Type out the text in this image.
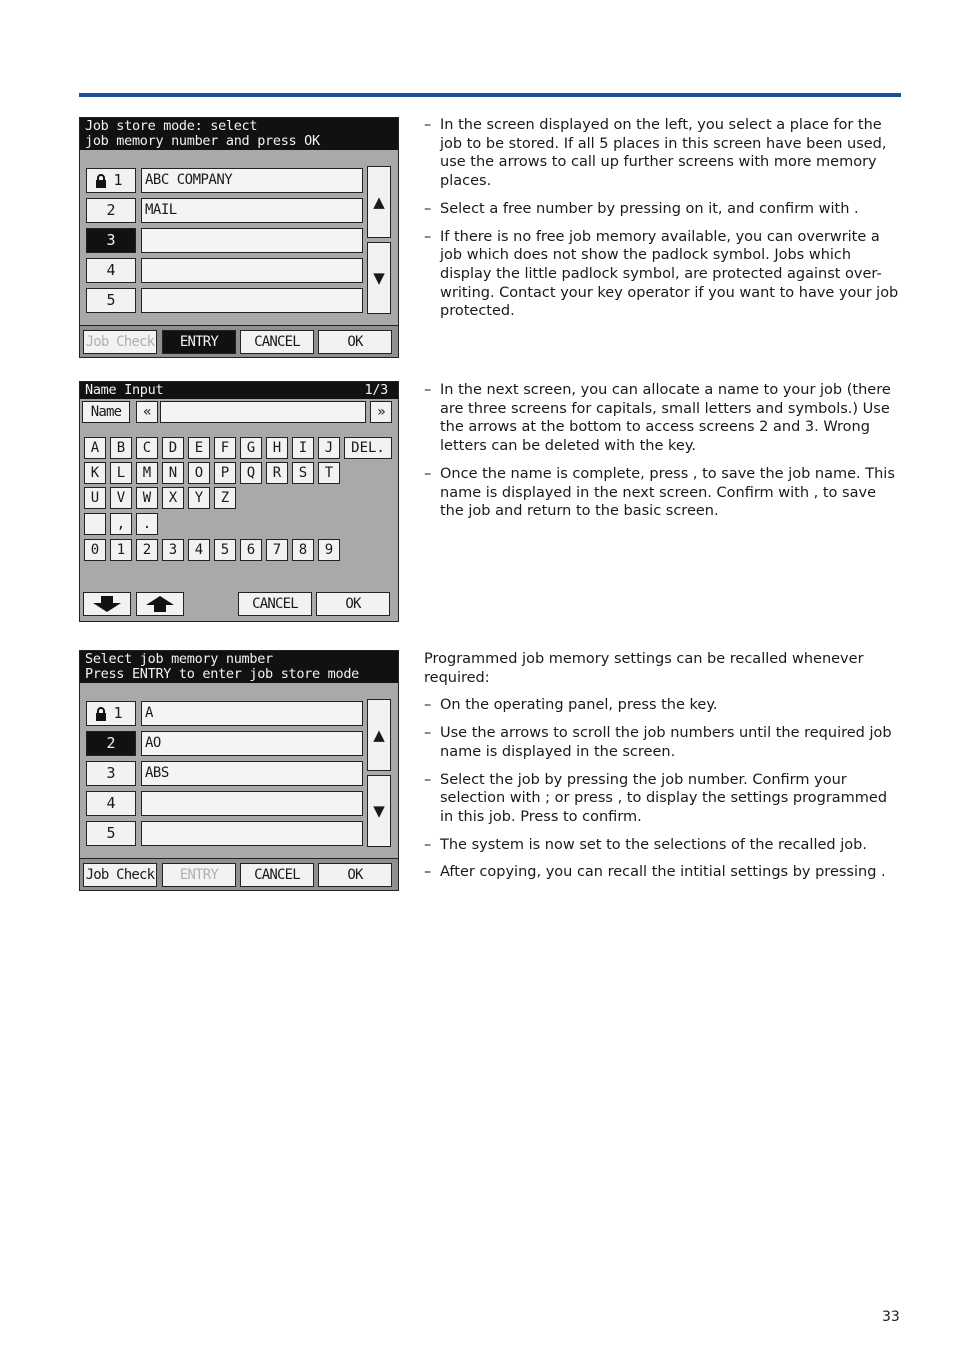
Job store mode: select
job memory number and press OK
1	ABC COMPANY
2	MAIL
3
4
5
▲
▼
Job Check	ENTRY	CANCEL	OK
Name Input	1/3
Name	«	»
A	B	C	D	E	F	G	H	I	J	DEL.
K	L	M	N	O	P	Q	R	S	T
U	V	W	X	Y	Z
,	.
0	1	2	3	4	5	6	7	8	9
CANCEL	OK
Select job memory number
Press ENTRY to enter job store mode
1	A
2	AO
3	ABS
4
5
▲
▼
Job Check	ENTRY	CANCEL	OK

– In the screen displayed on the left, you select a place for the job to be stored. If all 5 places in this screen have been used, use the arrows to call up further screens with more memory places.

– Select a free number by pressing on it, and confirm with .

– If there is no free job memory available, you can overwrite a job which does not show the padlock symbol. Jobs which display the little padlock symbol, are protected against over-writing. Contact your key operator if you want to have your job protected.

– In the next screen, you can allocate a name to your job (there are three screens for capitals, small letters and symbols.) Use the arrows at the bottom to access screens 2 and 3. Wrong letters can be deleted with the key.

– Once the name is complete, press , to save the job name. This name is displayed in the next screen. Confirm with , to save the job and return to the basic screen.

Programmed job memory settings can be recalled whenever required:

– On the operating panel, press the key.

– Use the arrows to scroll the job numbers until the required job name is displayed in the screen.

– Select the job by pressing the job number. Confirm your selection with ; or press , to display the settings programmed in this job. Press to confirm.

– The system is now set to the selections of the recalled job.

– After copying, you can recall the intitial settings by pressing .

33
